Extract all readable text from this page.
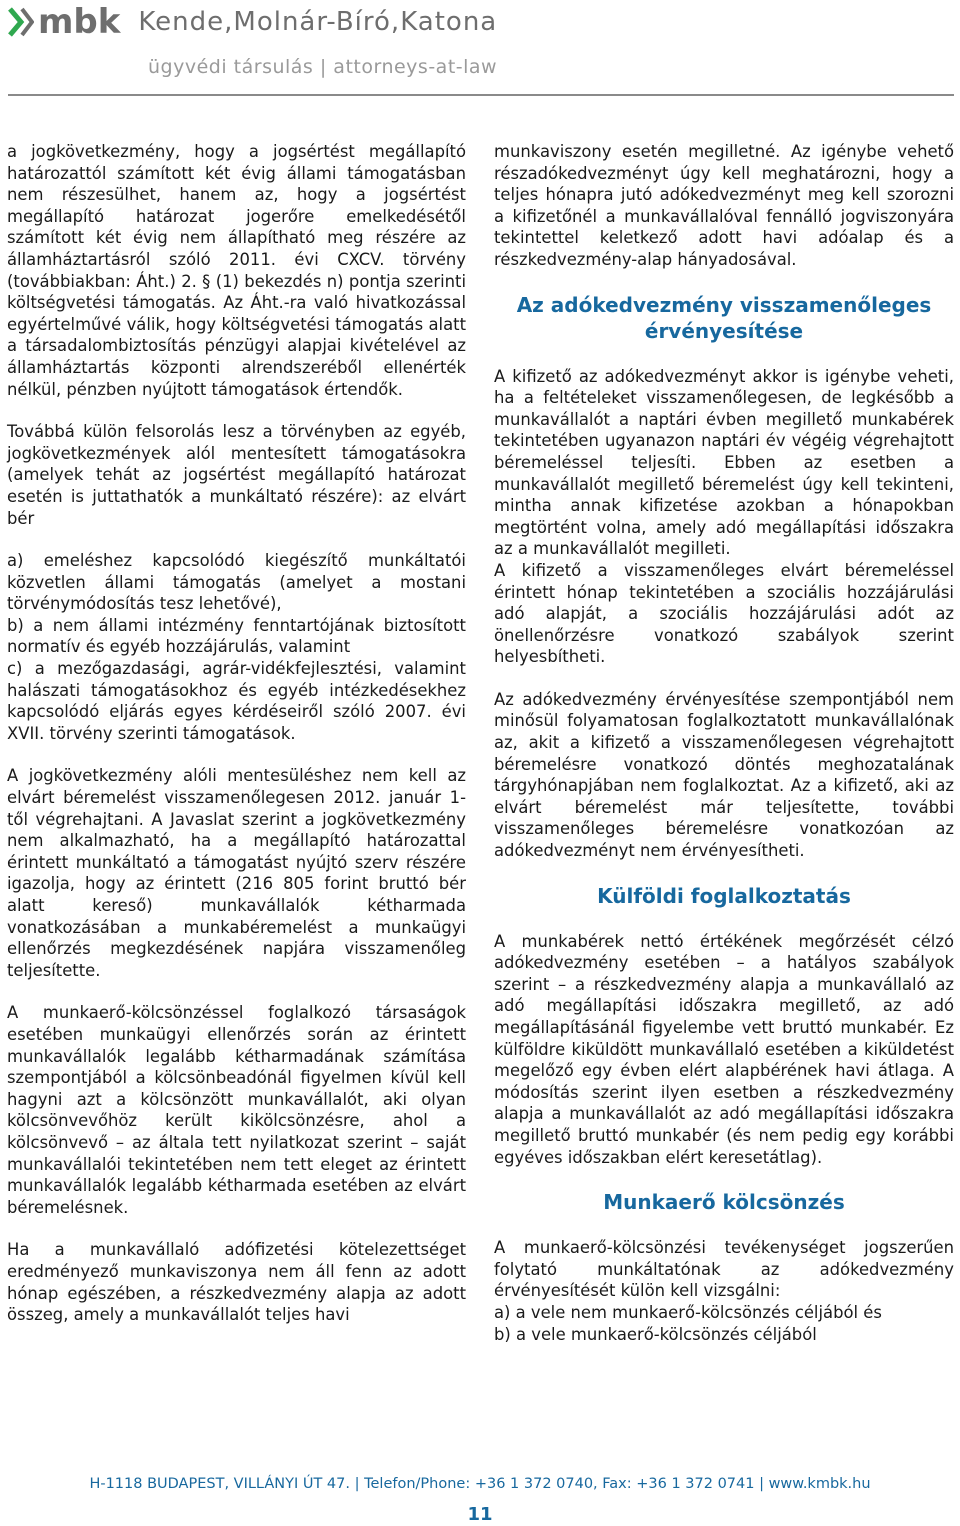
mbk Kende,Molnár-Bíró,Katona
ügyvédi társulás | attorneys-at-law

a jogkövetkezmény, hogy a jogsértést megállapító határozattól számított két évig állami támogatásban nem részesülhet, hanem az, hogy a jogsértést megállapító határozat jogerőre emelkedésétől számított két évig nem állapítható meg részére az államháztartásról szóló 2011. évi CXCV. törvény (továbbiakban: Áht.) 2. § (1) bekezdés n) pontja szerinti költségvetési támogatás. Az Áht.-ra való hivatkozással egyértelművé válik, hogy költségvetési támogatás alatt a társadalombiztosítás pénzügyi alapjai kivételével az államháztartás központi alrendszeréből ellenérték nélkül, pénzben nyújtott támogatások értendők.

Továbbá külön felsorolás lesz a törvényben az egyéb, jogkövetkezmények alól mentesített támogatásokra (amelyek tehát az jogsértést megállapító határozat esetén is juttathatók a munkáltató részére): az elvárt bér

a) emeléshez kapcsolódó kiegészítő munkáltatói közvetlen állami támogatás (amelyet a mostani törvénymódosítás tesz lehetővé),

b) a nem állami intézmény fenntartójának biztosított normatív és egyéb hozzájárulás, valamint

c) a mezőgazdasági, agrár-vidékfejlesztési, valamint halászati támogatásokhoz és egyéb intézkedésekhez kapcsolódó eljárás egyes kérdéseiről szóló 2007. évi XVII. törvény szerinti támogatások.

A jogkövetkezmény alóli mentesüléshez nem kell az elvárt béremelést visszamenőlegesen 2012. január 1-től végrehajtani. A Javaslat szerint a jogkövetkezmény nem alkalmazható, ha a megállapító határozattal érintett munkáltató a támogatást nyújtó szerv részére igazolja, hogy az érintett (216 805 forint bruttó bér alatt kereső) munkavállalók kétharmada vonatkozásában a munkabéremelést a munkaügyi ellenőrzés megkezdésének napjára visszamenőleg teljesítette.

A munkaerő-kölcsönzéssel foglalkozó társaságok esetében munkaügyi ellenőrzés során az érintett munkavállalók legalább kétharmadának számítása szempontjából a kölcsönbeadónál figyelmen kívül kell hagyni azt a kölcsönzött munkavállalót, aki olyan kölcsönvevőhöz került kikölcsönzésre, ahol a kölcsönvevő – az általa tett nyilatkozat szerint – saját munkavállalói tekintetében nem tett eleget az érintett munkavállalók legalább kétharmada esetében az elvárt béremelésnek.

Ha a munkavállaló adófizetési kötelezettséget eredményező munkaviszonya nem áll fenn az adott hónap egészében, a részkedvezmény alapja az adott összeg, amely a munkavállalót teljes havi

munkaviszony esetén megilletné. Az igénybe vehető részadókedvezményt úgy kell meghatározni, hogy a teljes hónapra jutó adókedvezményt meg kell szorozni a kifizetőnél a munkavállalóval fennálló jogviszonyára tekintettel keletkező adott havi adóalap és a részkedvezmény-alap hányadosával.

Az adókedvezmény visszamenőleges érvényesítése

A kifizető az adókedvezményt akkor is igénybe veheti, ha a feltételeket visszamenőlegesen, de legkésőbb a munkavállalót a naptári évben megillető munkabérek tekintetében ugyanazon naptári év végéig végrehajtott béremeléssel teljesíti. Ebben az esetben a munkavállalót megillető béremelést úgy kell tekinteni, mintha annak kifizetése azokban a hónapokban megtörtént volna, amely adó megállapítási időszakra az a munkavállalót megilleti.

A kifizető a visszamenőleges elvárt béremeléssel érintett hónap tekintetében a szociális hozzájárulási adó alapját, a szociális hozzájárulási adót az önellenőrzésre vonatkozó szabályok szerint helyesbítheti.

Az adókedvezmény érvényesítése szempontjából nem minősül folyamatosan foglalkoztatott munkavállalónak az, akit a kifizető a visszamenőlegesen végrehajtott béremelésre vonatkozó döntés meghozatalának tárgyhónapjában nem foglalkoztat. Az a kifizető, aki az elvárt béremelést már teljesítette, további visszamenőleges béremelésre vonatkozóan az adókedvezményt nem érvényesítheti.

Külföldi foglalkoztatás

A munkabérek nettó értékének megőrzését célzó adókedvezmény esetében – a hatályos szabályok szerint – a részkedvezmény alapja a munkavállaló az adó megállapítási időszakra megillető, az adó megállapításánál figyelembe vett bruttó munkabér. Ez külföldre kiküldött munkavállaló esetében a kiküldetést megelőző egy évben elért alapbérének havi átlaga. A módosítás szerint ilyen esetben a részkedvezmény alapja a munkavállalót az adó megállapítási időszakra megillető bruttó munkabér (és nem pedig egy korábbi egyéves időszakban elért keresetátlag).

Munkaerő kölcsönzés

A munkaerő-kölcsönzési tevékenységet jogszerűen folytató munkáltatónak az adókedvezmény érvényesítését külön kell vizsgálni:

a) a vele nem munkaerő-kölcsönzés céljából és

b) a vele munkaerő-kölcsönzés céljából

H-1118 BUDAPEST, VILLÁNYI ÚT 47. | Telefon/Phone: +36 1 372 0740, Fax: +36 1 372 0741 | www.kmbk.hu
11
